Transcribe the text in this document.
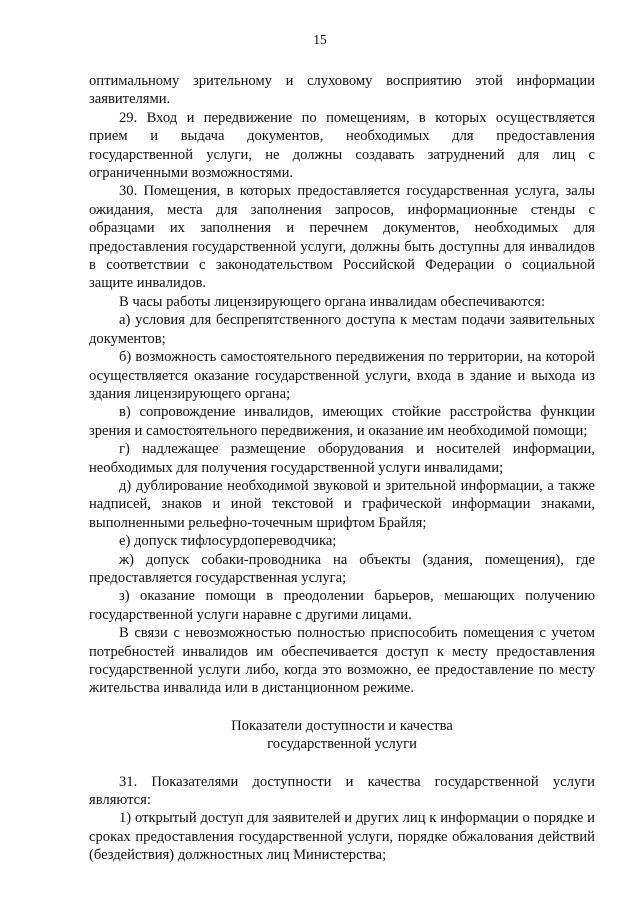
15

оптимальному зрительному и слуховому восприятию этой информации заявителями.

29. Вход и передвижение по помещениям, в которых осуществляется прием и выдача документов, необходимых для предоставления государственной услуги, не должны создавать затруднений для лиц с ограниченными возможностями.

30. Помещения, в которых предоставляется государственная услуга, залы ожидания, места для заполнения запросов, информационные стенды с образцами их заполнения и перечнем документов, необходимых для предоставления государственной услуги, должны быть доступны для инвалидов в соответствии с законодательством Российской Федерации о социальной защите инвалидов.

В часы работы лицензирующего органа инвалидам обеспечиваются:

а) условия для беспрепятственного доступа к местам подачи заявительных документов;

б) возможность самостоятельного передвижения по территории, на которой осуществляется оказание государственной услуги, входа в здание и выхода из здания лицензирующего органа;

в) сопровождение инвалидов, имеющих стойкие расстройства функции зрения и самостоятельного передвижения, и оказание им необходимой помощи;

г) надлежащее размещение оборудования и носителей информации, необходимых для получения государственной услуги инвалидами;

д) дублирование необходимой звуковой и зрительной информации, а также надписей, знаков и иной текстовой и графической информации знаками, выполненными рельефно-точечным шрифтом Брайля;

е) допуск тифлосурдопереводчика;

ж) допуск собаки-проводника на объекты (здания, помещения), где предоставляется государственная услуга;

з) оказание помощи в преодолении барьеров, мешающих получению государственной услуги наравне с другими лицами.

В связи с невозможностью полностью приспособить помещения с учетом потребностей инвалидов им обеспечивается доступ к месту предоставления государственной услуги либо, когда это возможно, ее предоставление по месту жительства инвалида или в дистанционном режиме.

Показатели доступности и качества

государственной услуги

31. Показателями доступности и качества государственной услуги являются:

1) открытый доступ для заявителей и других лиц к информации о порядке и сроках предоставления государственной услуги, порядке обжалования действий (бездействия) должностных лиц Министерства;
